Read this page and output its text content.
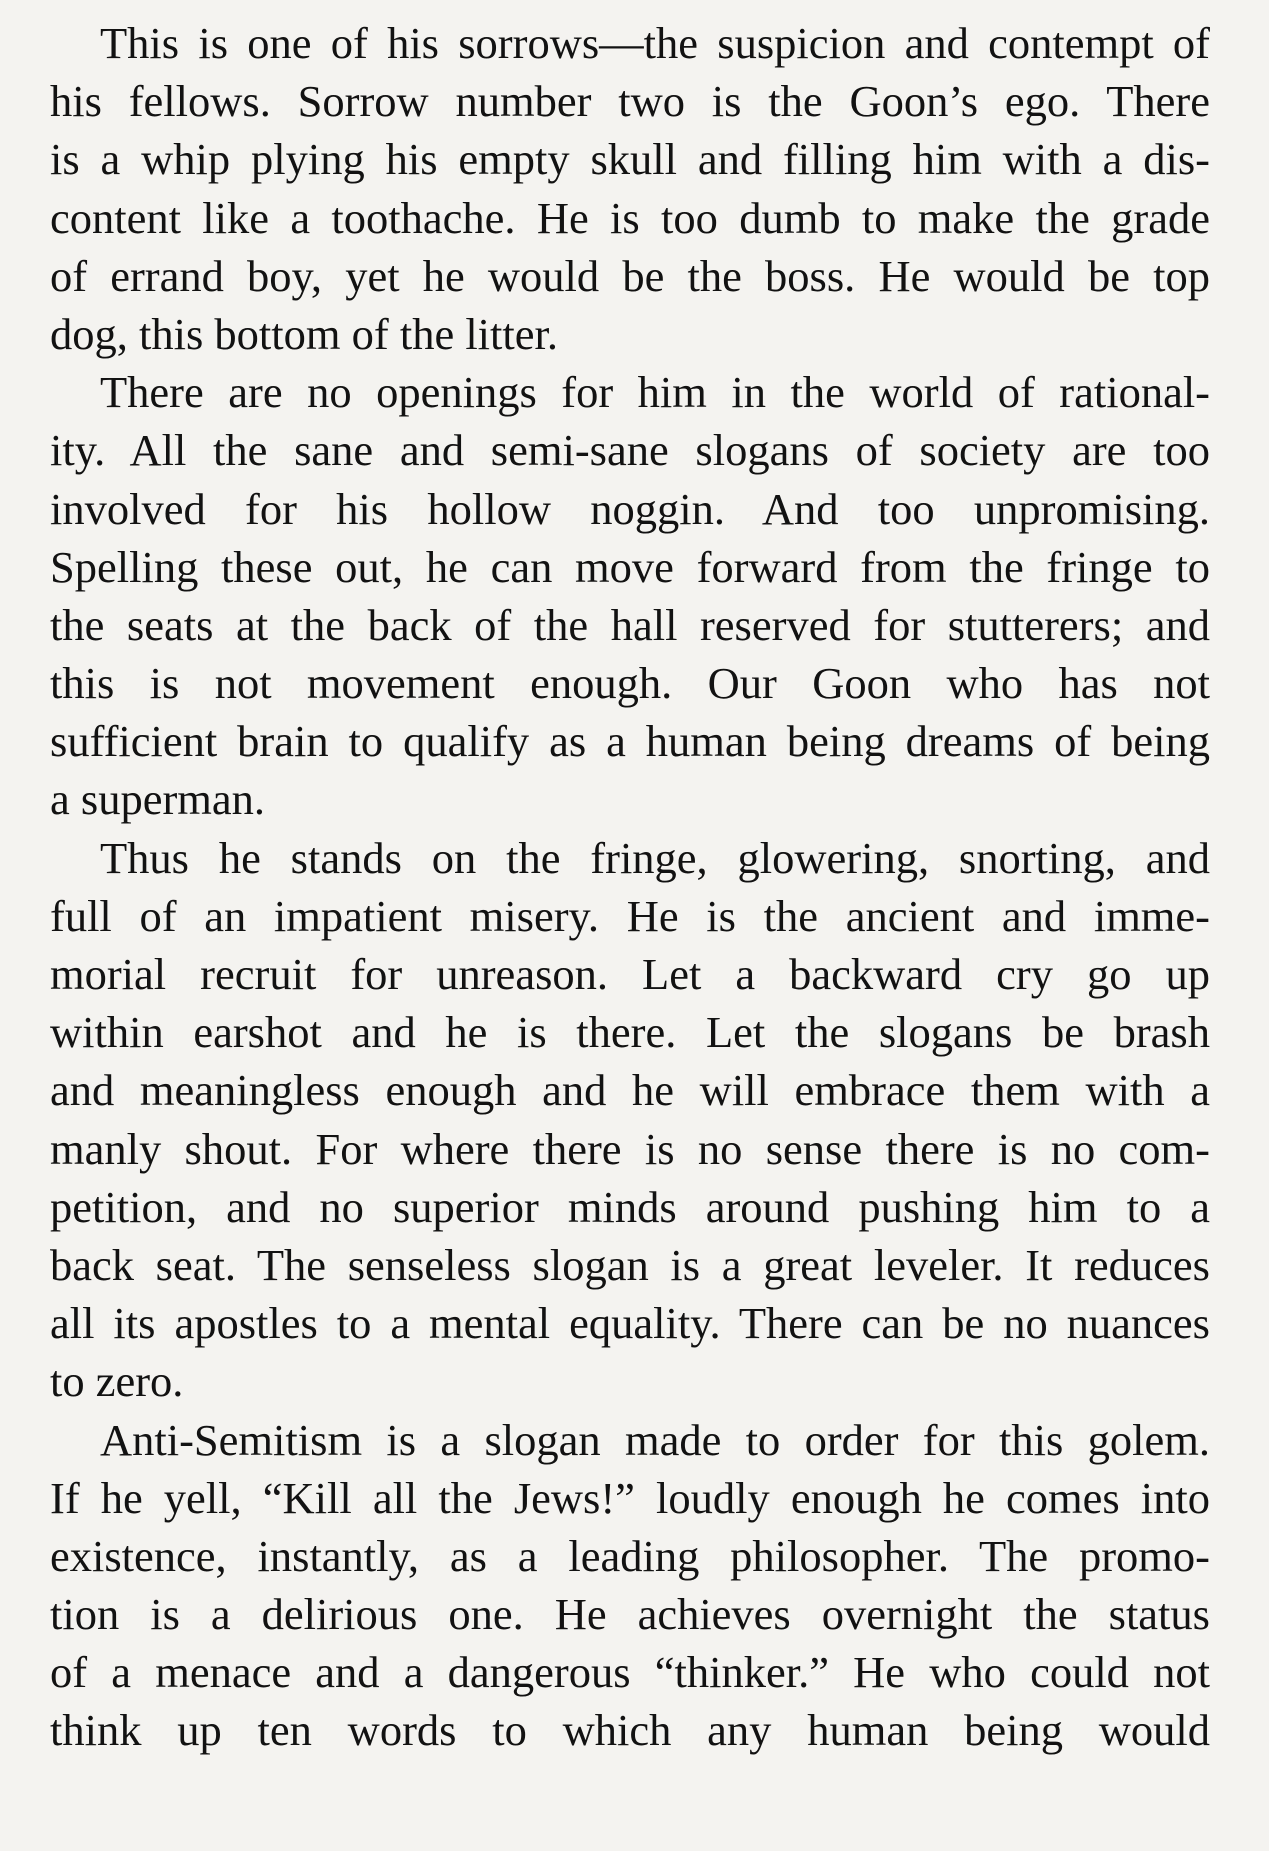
This is one of his sorrows—the suspicion and contempt of
his fellows. Sorrow number two is the Goon’s ego. There
is a whip plying his empty skull and filling him with a dis-
content like a toothache. He is too dumb to make the grade
of errand boy, yet he would be the boss. He would be top
dog, this bottom of the litter.
There are no openings for him in the world of rational-
ity. All the sane and semi-sane slogans of society are too
involved for his hollow noggin. And too unpromising.
Spelling these out, he can move forward from the fringe to
the seats at the back of the hall reserved for stutterers; and
this is not movement enough. Our Goon who has not
sufficient brain to qualify as a human being dreams of being
a superman.
Thus he stands on the fringe, glowering, snorting, and
full of an impatient misery. He is the ancient and imme-
morial recruit for unreason. Let a backward cry go up
within earshot and he is there. Let the slogans be brash
and meaningless enough and he will embrace them with a
manly shout. For where there is no sense there is no com-
petition, and no superior minds around pushing him to a
back seat. The senseless slogan is a great leveler. It reduces
all its apostles to a mental equality. There can be no nuances
to zero.
Anti-Semitism is a slogan made to order for this golem.
If he yell, “Kill all the Jews!” loudly enough he comes into
existence, instantly, as a leading philosopher. The promo-
tion is a delirious one. He achieves overnight the status
of a menace and a dangerous “thinker.” He who could not
think up ten words to which any human being would
